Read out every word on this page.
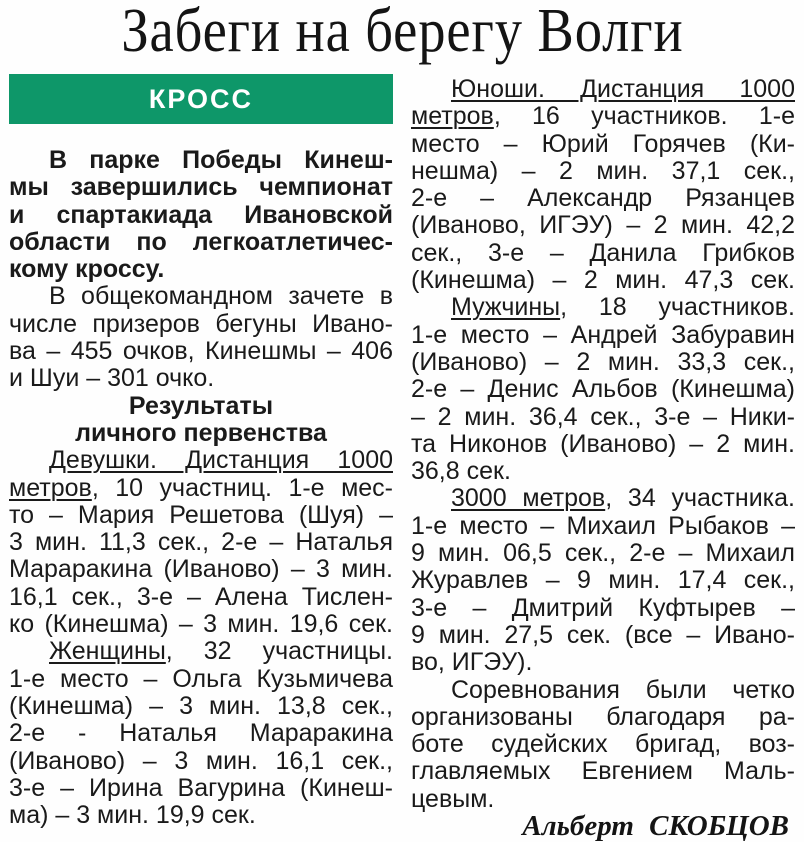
Забеги на берегу Волги
КРОСС
В парке Победы Кинеш-
мы завершились чемпионат
и спартакиада Ивановской
области по легкоатлетичес-
кому кроссу.
В общекомандном зачете в
числе призеров бегуны Ивано-
ва – 455 очков, Кинешмы – 406
и Шуи – 301 очко.
Результаты
личного первенства
Девушки. Дистанция 1000
метров, 10 участниц. 1-е мес-
то – Мария Решетова (Шуя) –
3 мин. 11,3 сек., 2-е – Наталья
Мараракина (Иваново) – 3 мин.
16,1 сек., 3-е – Алена Тислен-
ко (Кинешма) – 3 мин. 19,6 сек.
Женщины, 32 участницы.
1-е место – Ольга Кузьмичева
(Кинешма) – 3 мин. 13,8 сек.,
2-е - Наталья Мараракина
(Иваново) – 3 мин. 16,1 сек.,
3-е – Ирина Вагурина (Кинеш-
ма) – 3 мин. 19,9 сек.
Юноши. Дистанция 1000
метров, 16 участников. 1-е
место – Юрий Горячев (Ки-
нешма) – 2 мин. 37,1 сек.,
2-е – Александр Рязанцев
(Иваново, ИГЭУ) – 2 мин. 42,2
сек., 3-е – Данила Грибков
(Кинешма) – 2 мин. 47,3 сек.
Мужчины, 18 участников.
1-е место – Андрей Забуравин
(Иваново) – 2 мин. 33,3 сек.,
2-е – Денис Альбов (Кинешма)
– 2 мин. 36,4 сек., 3-е – Ники-
та Никонов (Иваново) – 2 мин.
36,8 сек.
3000 метров, 34 участника.
1-е место – Михаил Рыбаков –
9 мин. 06,5 сек., 2-е – Михаил
Журавлев – 9 мин. 17,4 сек.,
3-е – Дмитрий Куфтырев –
9 мин. 27,5 сек. (все – Ивано-
во, ИГЭУ).
Соревнования были четко
организованы благодаря ра-
боте судейских бригад, воз-
главляемых Евгением Маль-
цевым.
Альберт СКОБЦОВ
